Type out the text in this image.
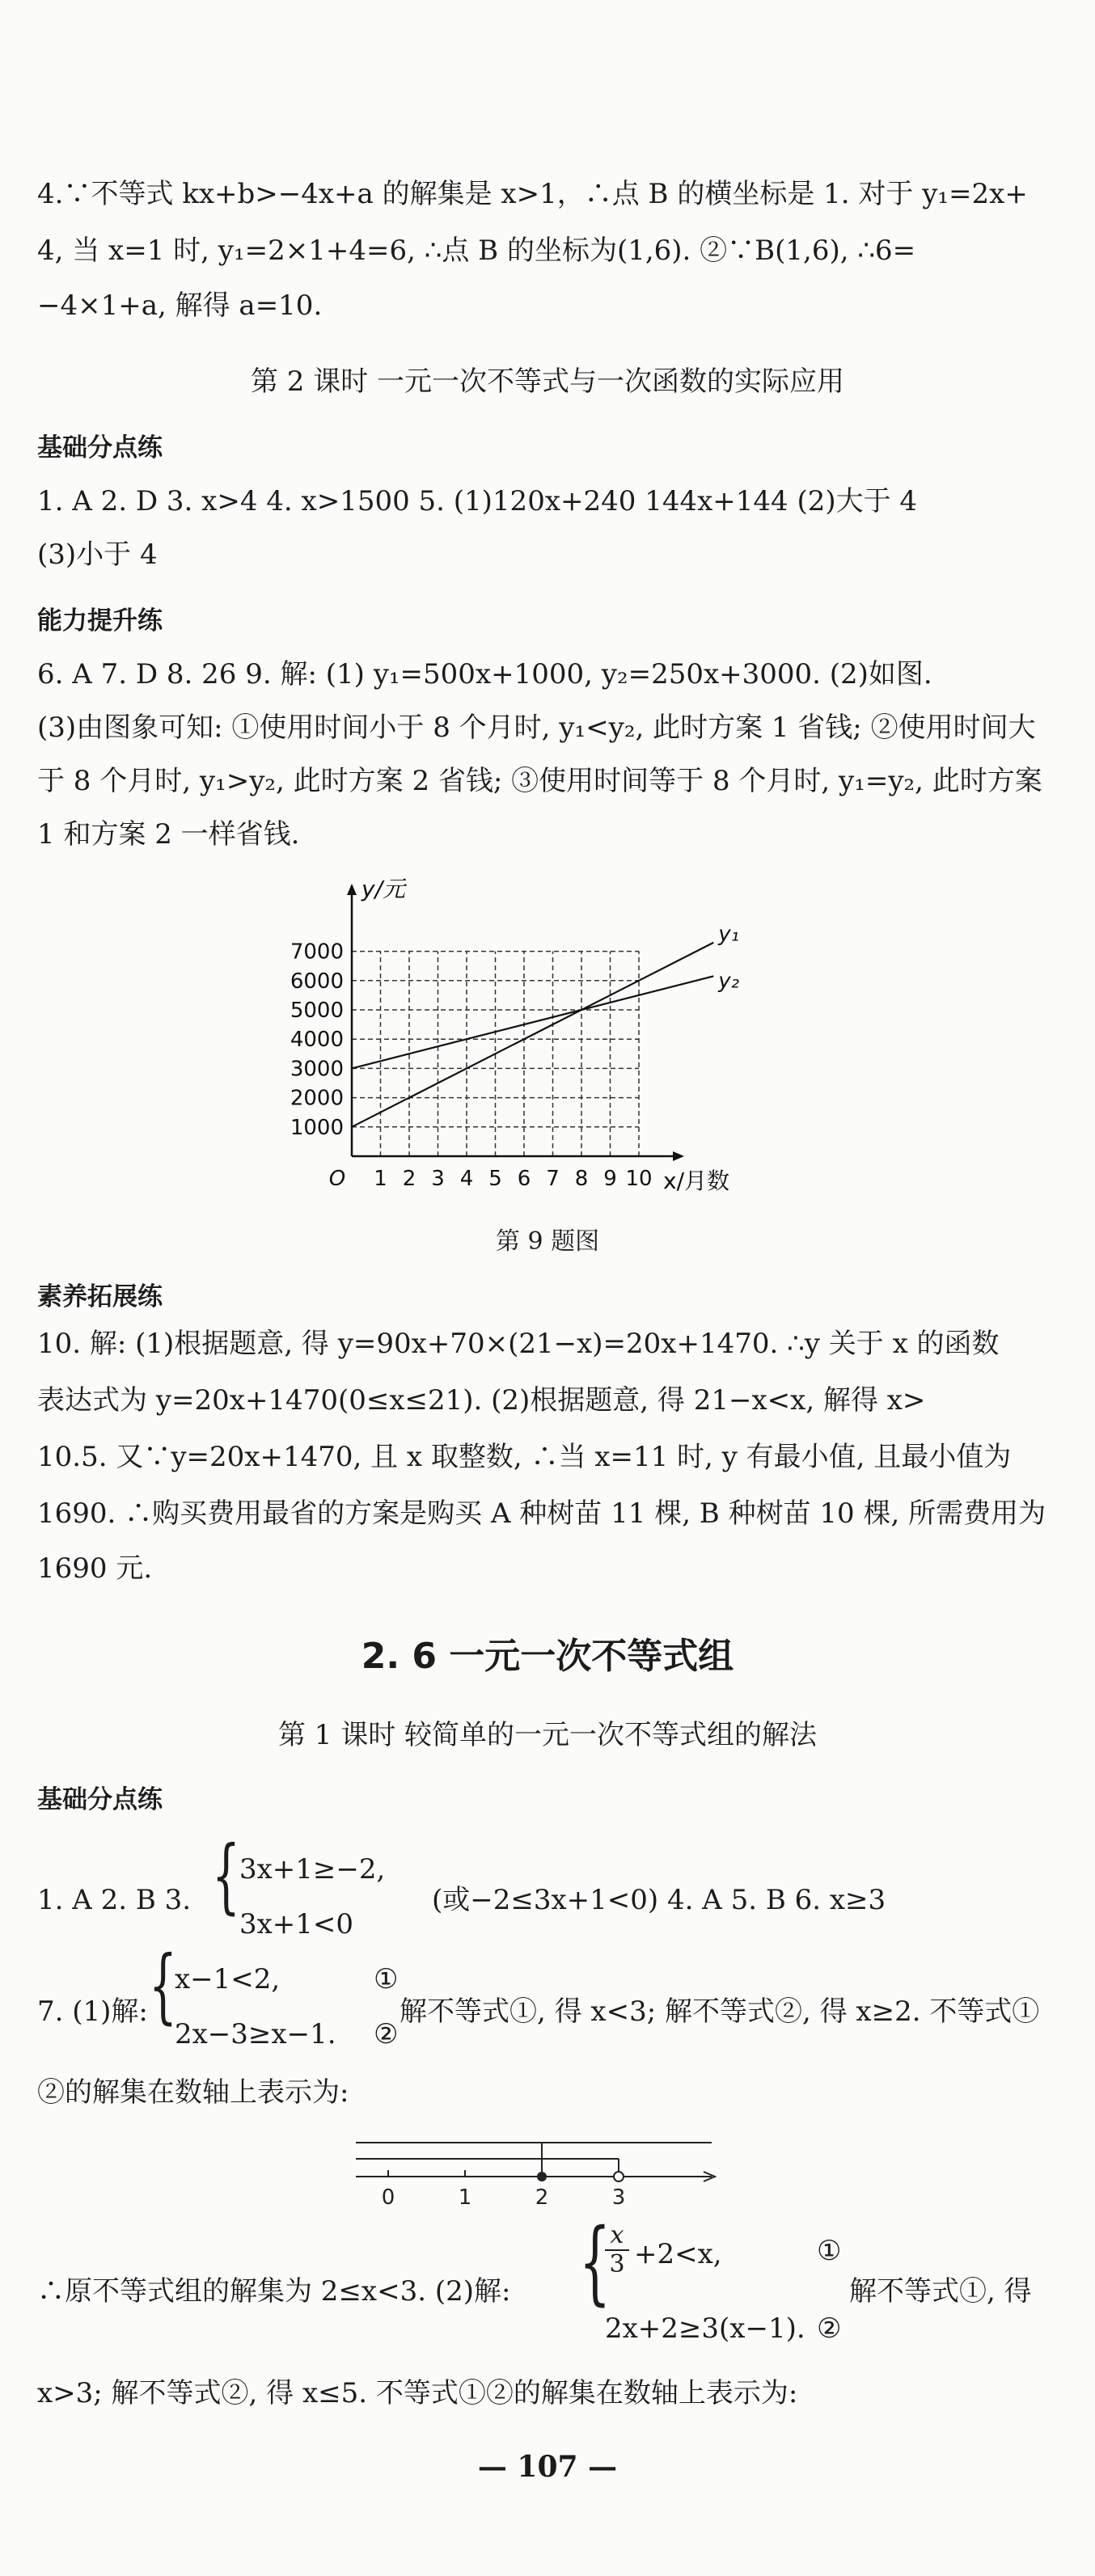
4.∵不等式 kx+b>−4x+a 的解集是 x>1，∴点 B 的横坐标是 1. 对于 y₁=2x+
4, 当 x=1 时, y₁=2×1+4=6, ∴点 B 的坐标为(1,6). ②∵B(1,6), ∴6=
−4×1+a, 解得 a=10.
第 2 课时 一元一次不等式与一次函数的实际应用
基础分点练
1. A 2. D 3. x>4 4. x>1500 5. (1)120x+240 144x+144 (2)大于 4
(3)小于 4
能力提升练
6. A 7. D 8. 26 9. 解: (1) y₁=500x+1000, y₂=250x+3000. (2)如图.
(3)由图象可知: ①使用时间小于 8 个月时, y₁<y₂, 此时方案 1 省钱; ②使用时间大
于 8 个月时, y₁>y₂, 此时方案 2 省钱; ③使用时间等于 8 个月时, y₁=y₂, 此时方案
1 和方案 2 一样省钱.
1000
2000
3000
4000
5000
6000
7000
O 1 2 3 4 5 6 7 8 9 10
y/元
x/月数
y₁
y₂
第 9 题图
素养拓展练
10. 解: (1)根据题意, 得 y=90x+70×(21−x)=20x+1470. ∴y 关于 x 的函数
表达式为 y=20x+1470(0≤x≤21). (2)根据题意, 得 21−x<x, 解得 x>
10.5. 又∵y=20x+1470, 且 x 取整数, ∴当 x=11 时, y 有最小值, 且最小值为
1690. ∴购买费用最省的方案是购买 A 种树苗 11 棵, B 种树苗 10 棵, 所需费用为
1690 元.
2. 6 一元一次不等式组
第 1 课时 较简单的一元一次不等式组的解法
基础分点练
1. A 2. B 3. { 3x+1≥−2,
3x+1<0
(或−2≤3x+1<0) 4. A 5. B 6. x≥3
7. (1)解: {
x−1<2,
2x−3≥x−1.
①
②
解不等式①, 得 x<3; 解不等式②, 得 x≥2. 不等式①
②的解集在数轴上表示为:
0	1	2	3
∴原不等式组的解集为 2≤x<3. (2)解: {
$\frac{x}{3} +2<x$,
2x+2≥3(x−1).
①
②
解不等式①, 得
x>3; 解不等式②, 得 x≤5. 不等式①②的解集在数轴上表示为:
— 107 —
